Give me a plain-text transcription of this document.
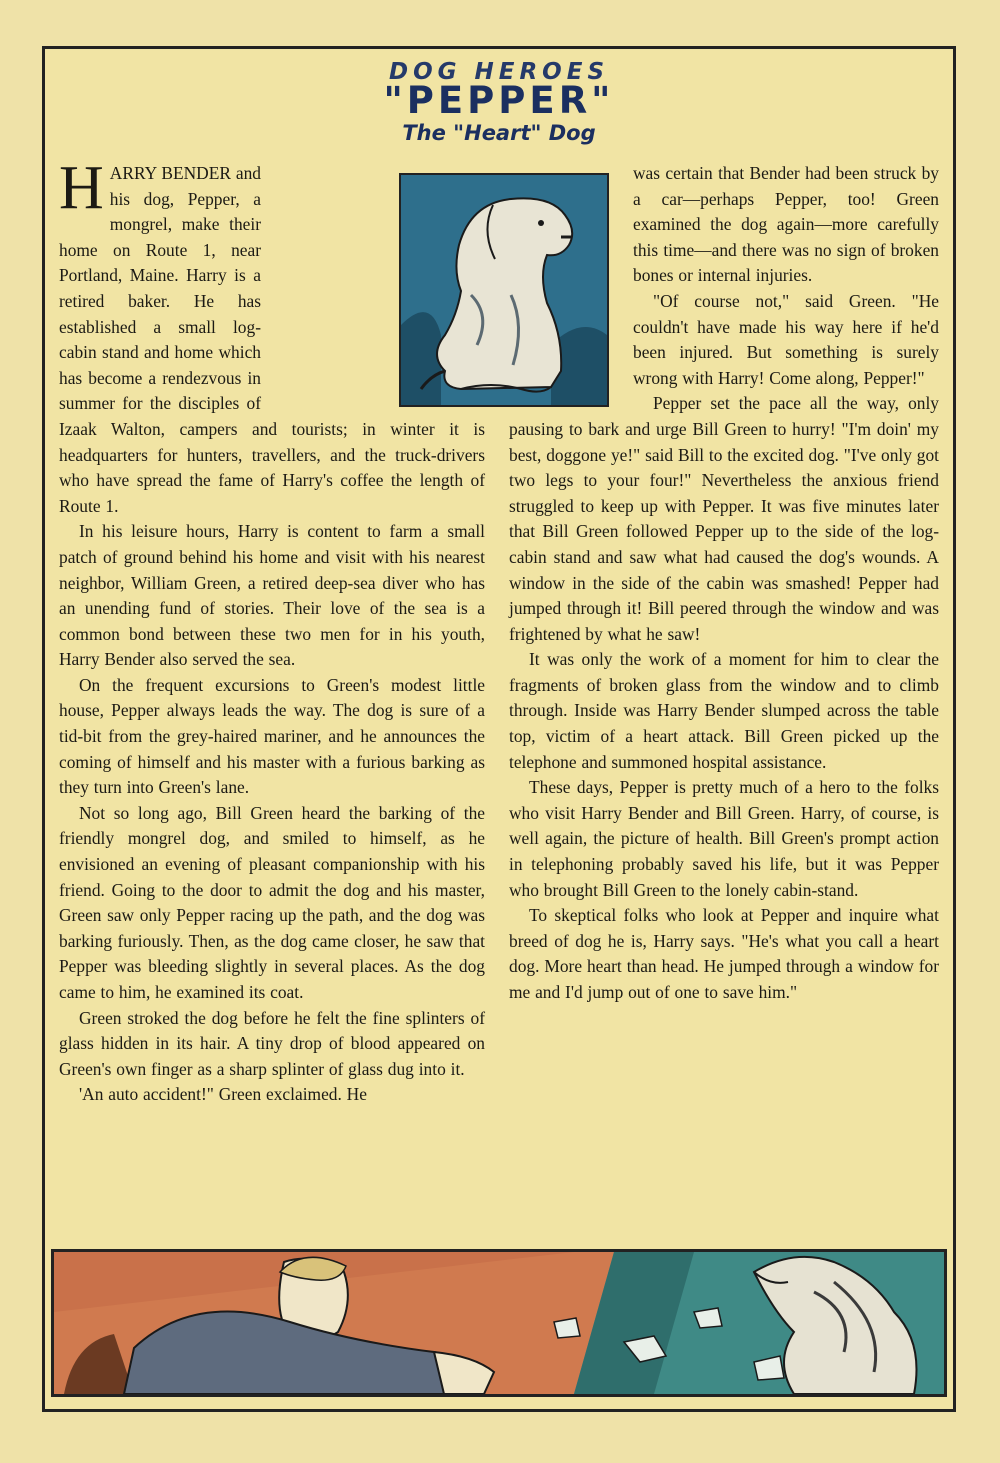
DOG HEROES
"PEPPER"
The "Heart" Dog

HARRY BENDER and his dog, Pepper, a mongrel, make their home on Route 1, near Portland, Maine. Harry is a retired baker. He has established a small log-cabin stand and home which has become a rendezvous in summer for the disciples of Izaak Walton, campers and tourists; in winter it is headquarters for hunters, travellers, and the truck-drivers who have spread the fame of Harry's coffee the length of Route 1.

In his leisure hours, Harry is content to farm a small patch of ground behind his home and visit with his nearest neighbor, William Green, a retired deep-sea diver who has an unending fund of stories. Their love of the sea is a common bond between these two men for in his youth, Harry Bender also served the sea.

On the frequent excursions to Green's modest little house, Pepper always leads the way. The dog is sure of a tid-bit from the grey-haired mariner, and he announces the coming of himself and his master with a furious barking as they turn into Green's lane.

Not so long ago, Bill Green heard the barking of the friendly mongrel dog, and smiled to himself, as he envisioned an evening of pleasant companionship with his friend. Going to the door to admit the dog and his master, Green saw only Pepper racing up the path, and the dog was barking furiously. Then, as the dog came closer, he saw that Pepper was bleeding slightly in several places. As the dog came to him, he examined its coat.

Green stroked the dog before he felt the fine splinters of glass hidden in its hair. A tiny drop of blood appeared on Green's own finger as a sharp splinter of glass dug into it.

'An auto accident!" Green exclaimed. He

was certain that Bender had been struck by a car—perhaps Pepper, too! Green examined the dog again—more carefully this time—and there was no sign of broken bones or internal injuries.

"Of course not," said Green. "He couldn't have made his way here if he'd been injured. But something is surely wrong with Harry! Come along, Pepper!"

Pepper set the pace all the way, only pausing to bark and urge Bill Green to hurry! "I'm doin' my best, doggone ye!" said Bill to the excited dog. "I've only got two legs to your four!" Nevertheless the anxious friend struggled to keep up with Pepper. It was five minutes later that Bill Green followed Pepper up to the side of the log-cabin stand and saw what had caused the dog's wounds. A window in the side of the cabin was smashed! Pepper had jumped through it! Bill peered through the window and was frightened by what he saw!

It was only the work of a moment for him to clear the fragments of broken glass from the window and to climb through. Inside was Harry Bender slumped across the table top, victim of a heart attack. Bill Green picked up the telephone and summoned hospital assistance.

These days, Pepper is pretty much of a hero to the folks who visit Harry Bender and Bill Green. Harry, of course, is well again, the picture of health. Bill Green's prompt action in telephoning probably saved his life, but it was Pepper who brought Bill Green to the lonely cabin-stand.

To skeptical folks who look at Pepper and inquire what breed of dog he is, Harry says. "He's what you call a heart dog. More heart than head. He jumped through a window for me and I'd jump out of one to save him."
